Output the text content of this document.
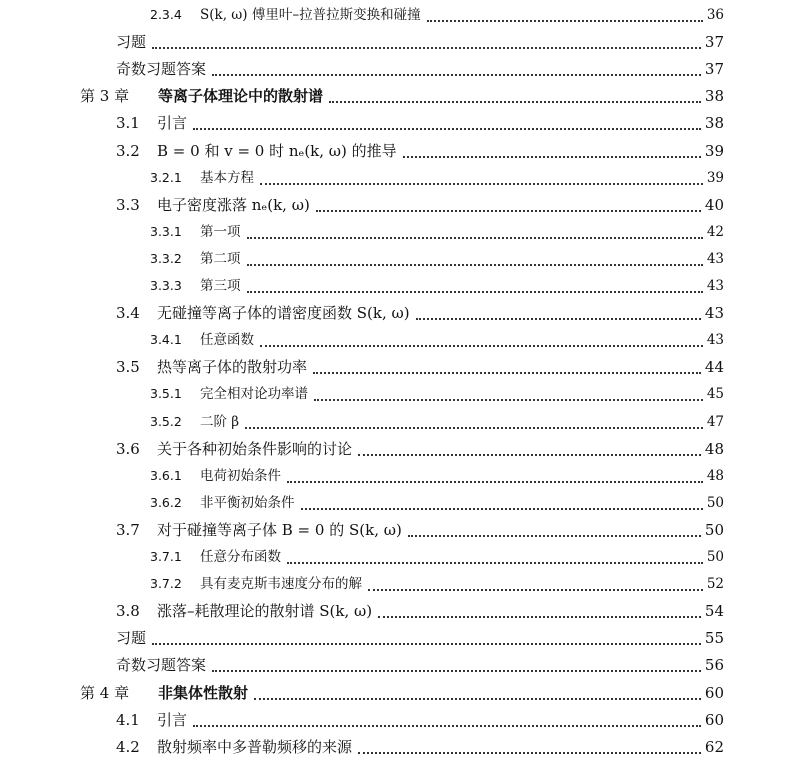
2.3.4	S(k, ω) 傅里叶–拉普拉斯变换和碰撞	36
习题	37
奇数习题答案	37
第 3 章	等离子体理论中的散射谱	38
3.1	引言	38
3.2	B = 0 和 v = 0 时 nₑ(k, ω) 的推导	39
3.2.1	基本方程	39
3.3	电子密度涨落 nₑ(k, ω)	40
3.3.1	第一项	42
3.3.2	第二项	43
3.3.3	第三项	43
3.4	无碰撞等离子体的谱密度函数 S(k, ω)	43
3.4.1	任意函数	43
3.5	热等离子体的散射功率	44
3.5.1	完全相对论功率谱	45
3.5.2	二阶 β	47
3.6	关于各种初始条件影响的讨论	48
3.6.1	电荷初始条件	48
3.6.2	非平衡初始条件	50
3.7	对于碰撞等离子体 B = 0 的 S(k, ω)	50
3.7.1	任意分布函数	50
3.7.2	具有麦克斯韦速度分布的解	52
3.8	涨落–耗散理论的散射谱 S(k, ω)	54
习题	55
奇数习题答案	56
第 4 章	非集体性散射	60
4.1	引言	60
4.2	散射频率中多普勒频移的来源	62
